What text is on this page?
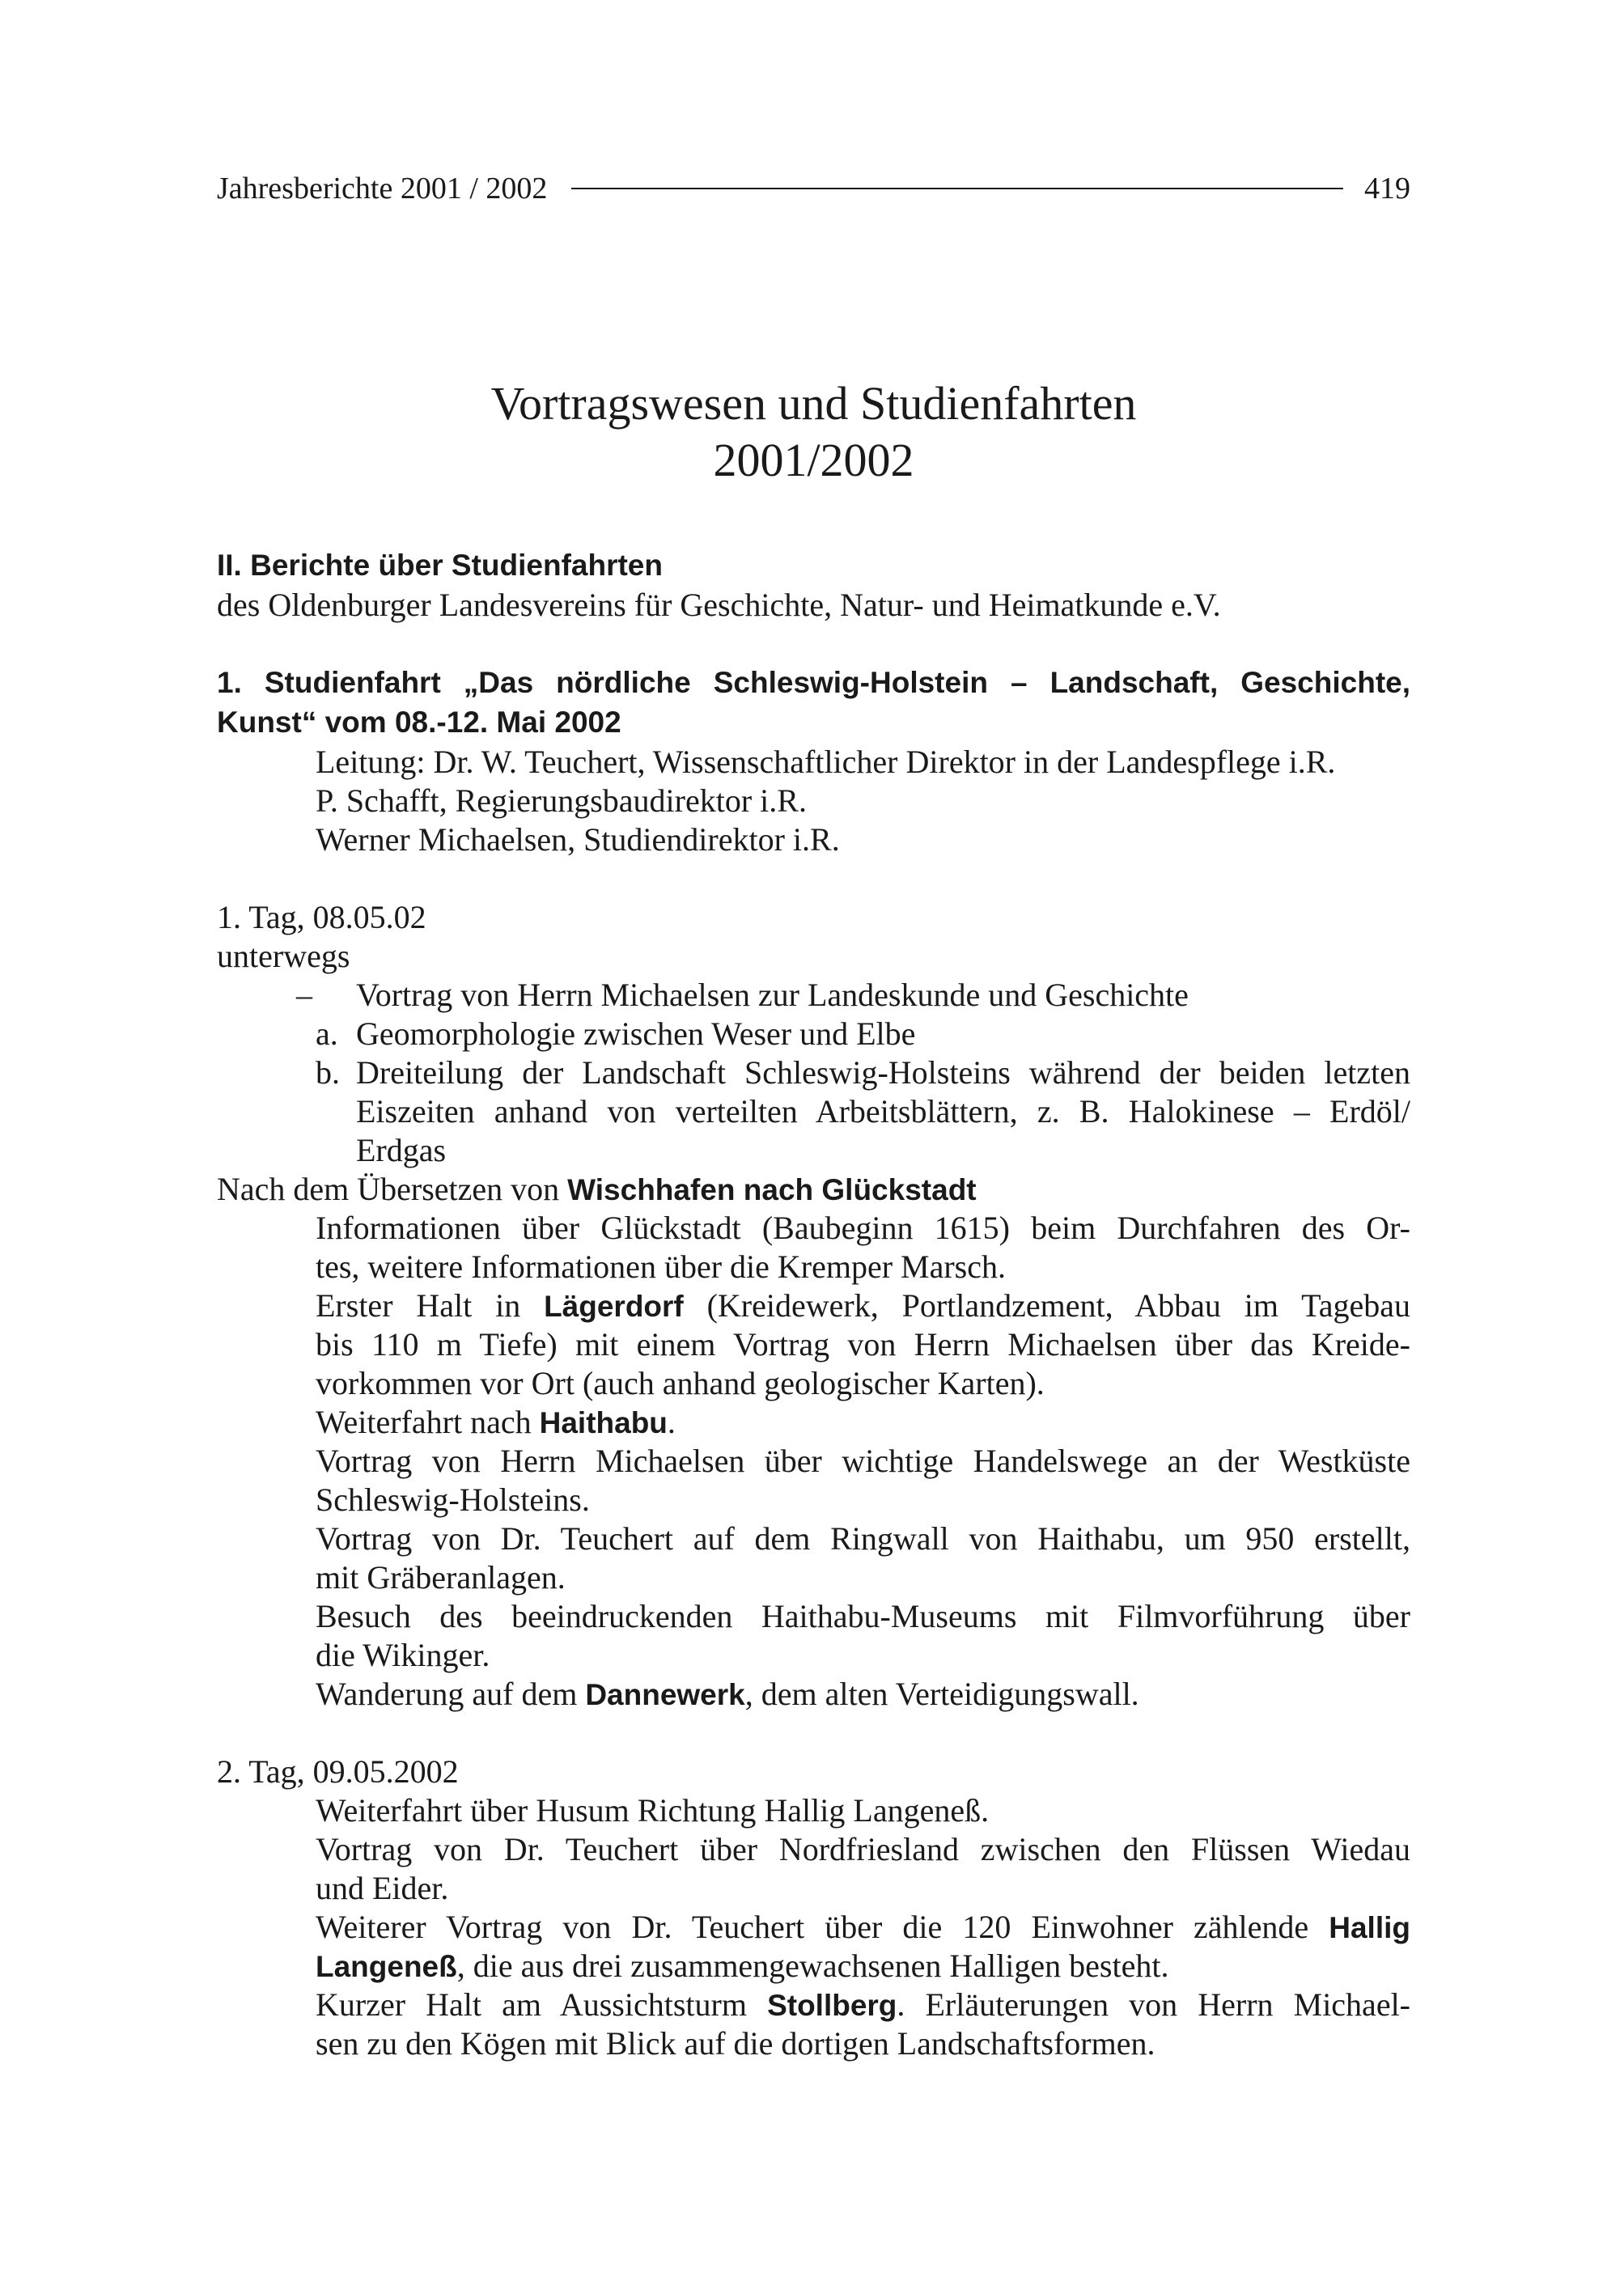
Jahresberichte 2001 / 2002	419
Vortragswesen und Studienfahrten
2001/2002
II. Berichte über Studienfahrten
des Oldenburger Landesvereins für Geschichte, Natur- und Heimatkunde e.V.
1. Studienfahrt „Das nördliche Schleswig-Holstein – Landschaft, Geschichte,
Kunst“ vom 08.-12. Mai 2002
Leitung: Dr. W. Teuchert, Wissenschaftlicher Direktor in der Landespflege i.R.
P. Schafft, Regierungsbaudirektor i.R.
Werner Michaelsen, Studiendirektor i.R.
1. Tag, 08.05.02
unterwegs
– Vortrag von Herrn Michaelsen zur Landeskunde und Geschichte
a. Geomorphologie zwischen Weser und Elbe
b. Dreiteilung der Landschaft Schleswig-Holsteins während der beiden letzten
Eiszeiten anhand von verteilten Arbeitsblättern, z. B. Halokinese – Erdöl/
Erdgas
Nach dem Übersetzen von Wischhafen nach Glückstadt
Informationen über Glückstadt (Baubeginn 1615) beim Durchfahren des Or-
tes, weitere Informationen über die Kremper Marsch.
Erster Halt in Lägerdorf (Kreidewerk, Portlandzement, Abbau im Tagebau
bis 110 m Tiefe) mit einem Vortrag von Herrn Michaelsen über das Kreide-
vorkommen vor Ort (auch anhand geologischer Karten).
Weiterfahrt nach Haithabu.
Vortrag von Herrn Michaelsen über wichtige Handelswege an der Westküste
Schleswig-Holsteins.
Vortrag von Dr. Teuchert auf dem Ringwall von Haithabu, um 950 erstellt,
mit Gräberanlagen.
Besuch des beeindruckenden Haithabu-Museums mit Filmvorführung über
die Wikinger.
Wanderung auf dem Dannewerk, dem alten Verteidigungswall.
2. Tag, 09.05.2002
Weiterfahrt über Husum Richtung Hallig Langeneß.
Vortrag von Dr. Teuchert über Nordfriesland zwischen den Flüssen Wiedau
und Eider.
Weiterer Vortrag von Dr. Teuchert über die 120 Einwohner zählende Hallig
Langeneß, die aus drei zusammengewachsenen Halligen besteht.
Kurzer Halt am Aussichtsturm Stollberg. Erläuterungen von Herrn Michael-
sen zu den Kögen mit Blick auf die dortigen Landschaftsformen.
